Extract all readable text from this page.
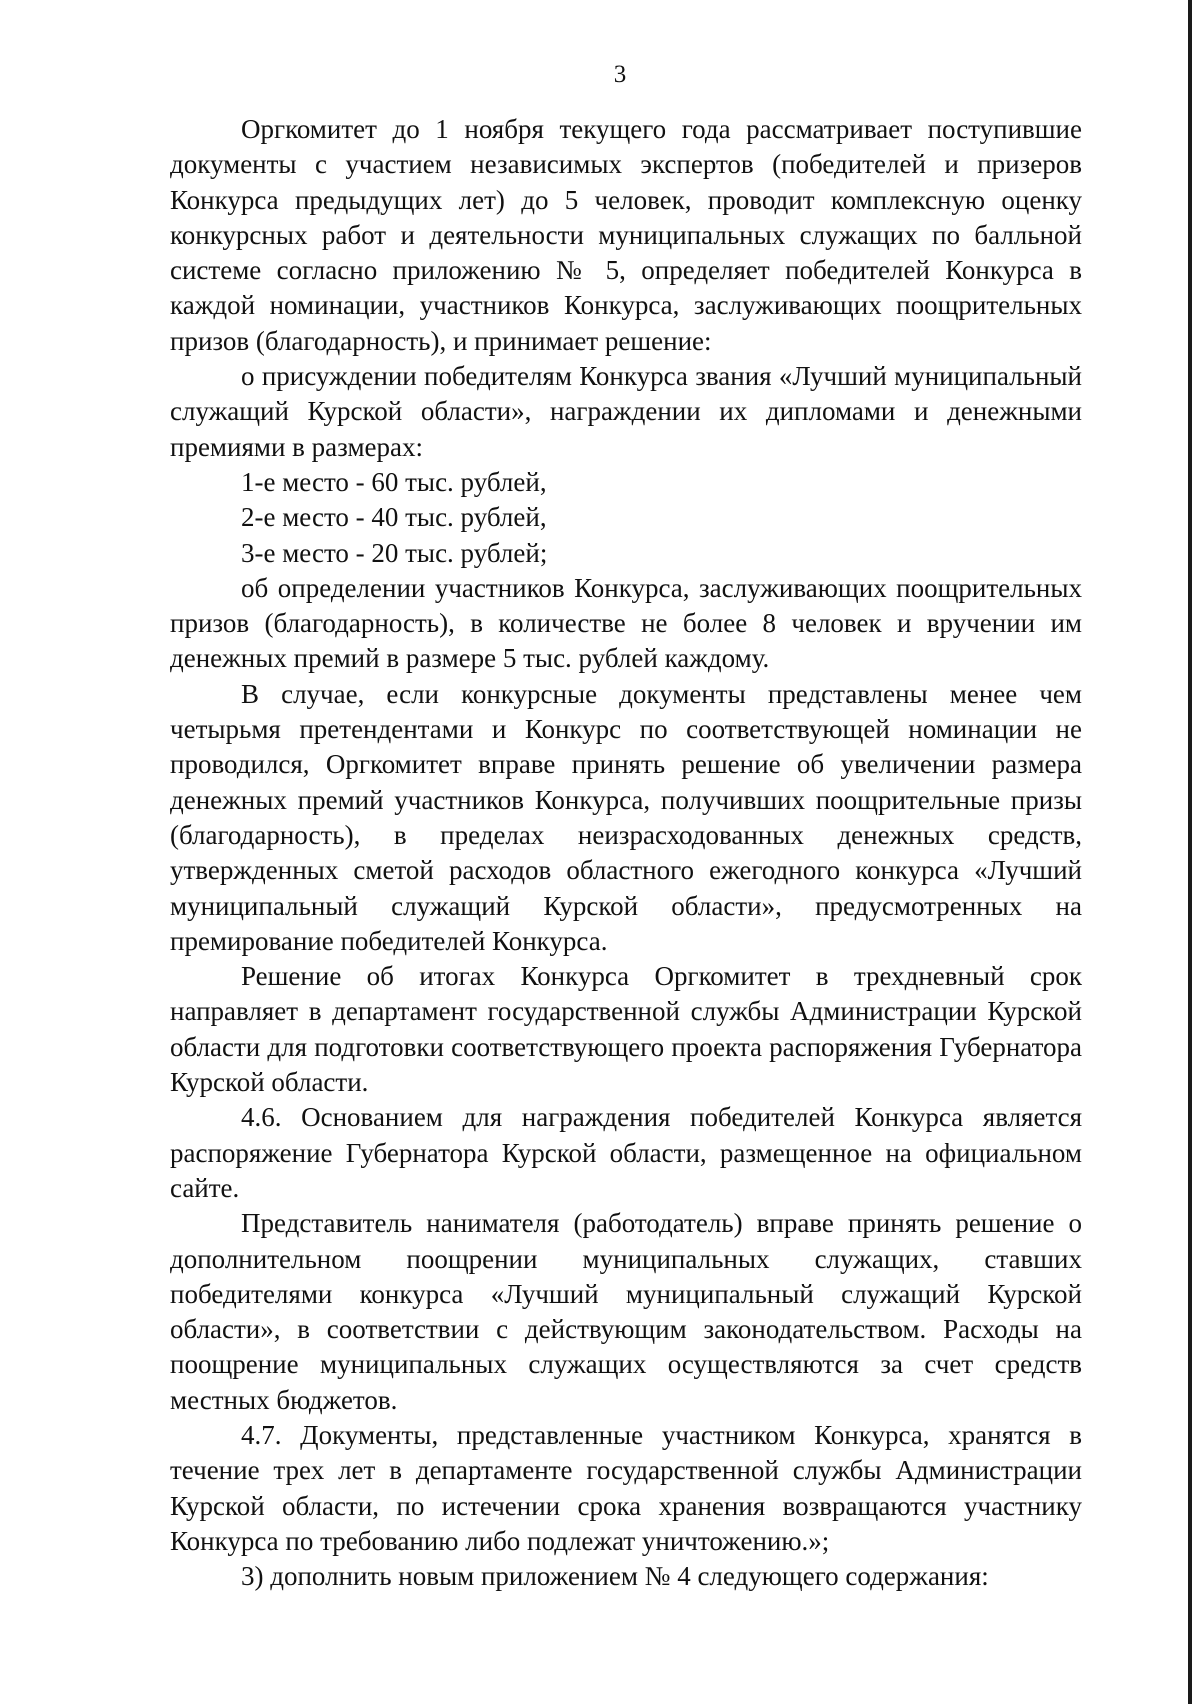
3

Оргкомитет до 1 ноября текущего года рассматривает поступившие документы с участием независимых экспертов (победителей и призеров Конкурса предыдущих лет) до 5 человек, проводит комплексную оценку конкурсных работ и деятельности муниципальных служащих по балльной системе согласно приложению № 5, определяет победителей Конкурса в каждой номинации, участников Конкурса, заслуживающих поощрительных призов (благодарность), и принимает решение:

о присуждении победителям Конкурса звания «Лучший муниципальный служащий Курской области», награждении их дипломами и денежными премиями в размерах:

1-е место - 60 тыс. рублей,

2-е место - 40 тыс. рублей,

3-е место - 20 тыс. рублей;

об определении участников Конкурса, заслуживающих поощрительных призов (благодарность), в количестве не более 8 человек и вручении им денежных премий в размере 5 тыс. рублей каждому.

В случае, если конкурсные документы представлены менее чем четырьмя претендентами и Конкурс по соответствующей номинации не проводился, Оргкомитет вправе принять решение об увеличении размера денежных премий участников Конкурса, получивших поощрительные призы (благодарность), в пределах неизрасходованных денежных средств, утвержденных сметой расходов областного ежегодного конкурса «Лучший муниципальный служащий Курской области», предусмотренных на премирование победителей Конкурса.

Решение об итогах Конкурса Оргкомитет в трехдневный срок направляет в департамент государственной службы Администрации Курской области для подготовки соответствующего проекта распоряжения Губернатора Курской области.

4.6. Основанием для награждения победителей Конкурса является распоряжение Губернатора Курской области, размещенное на официальном сайте.

Представитель нанимателя (работодатель) вправе принять решение о дополнительном поощрении муниципальных служащих, ставших победителями конкурса «Лучший муниципальный служащий Курской области», в соответствии с действующим законодательством. Расходы на поощрение муниципальных служащих осуществляются за счет средств местных бюджетов.

4.7. Документы, представленные участником Конкурса, хранятся в течение трех лет в департаменте государственной службы Администрации Курской области, по истечении срока хранения возвращаются участнику Конкурса по требованию либо подлежат уничтожению.»;

3) дополнить новым приложением № 4 следующего содержания:
